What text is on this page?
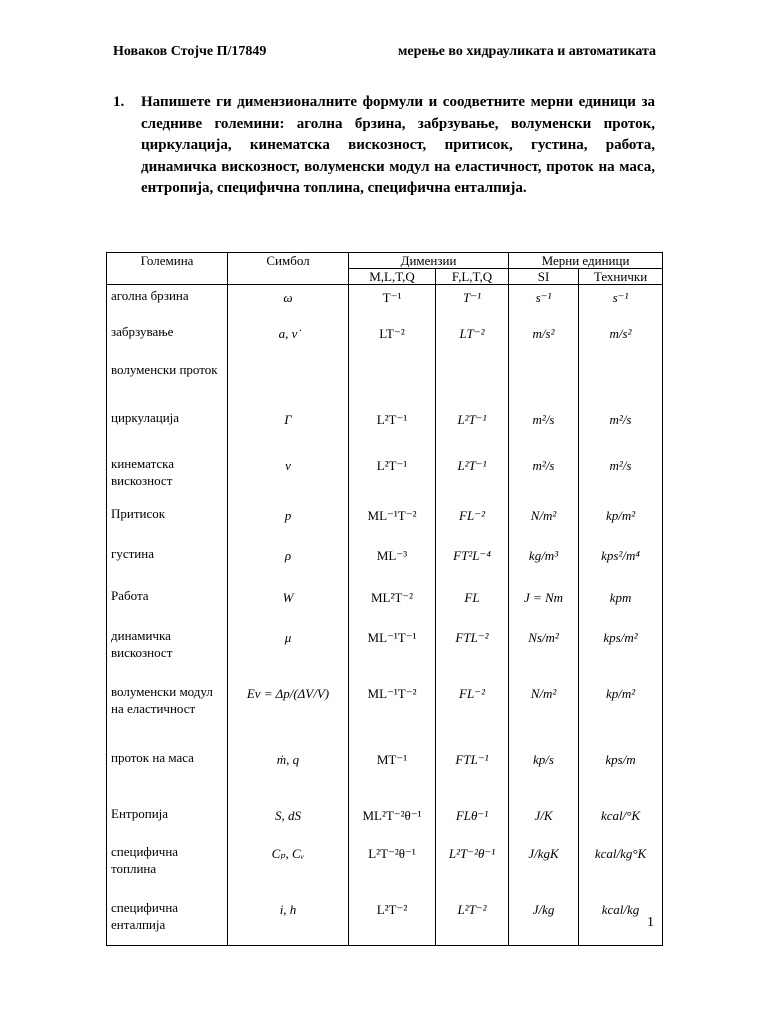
Новаков Стојче П/17849	мерење во хидрауликата и автоматиката
1. Напишете ги димензионалните формули и соодветните мерни единици за следниве големини: аголна брзина, забрзување, волуменски проток, циркулација, кинематска вискозност, притисок, густина, работа, динамичка вискозност, волуменски модул на еластичност, проток на маса, ентропија, специфична топлина, специфична енталпија.
Големина	Симбол	Димензии		Мерни единици	
		M,L,T,Q	F,L,T,Q	SI	Технички
аголна брзина	ω	T⁻¹	T⁻¹	s⁻¹	s⁻¹
забрзување	a, ν̇	LT⁻²	LT⁻²	m/s²	m/s²
волуменски проток					
циркулација	Γ	L²T⁻¹	L²T⁻¹	m²/s	m²/s
кинематска вискозност	ν	L²T⁻¹	L²T⁻¹	m²/s	m²/s
Притисок	p	ML⁻¹T⁻²	FL⁻²	N/m²	kp/m²
густина	ρ	ML⁻³	FT²L⁻⁴	kg/m³	kps²/m⁴
Работа	W	ML²T⁻²	FL	J = Nm	kpm
динамичка вискозност	μ	ML⁻¹T⁻¹	FTL⁻²	Ns/m²	kps/m²
волуменски модул на еластичност	Eν = Δp/(ΔV/V)	ML⁻¹T⁻²	FL⁻²	N/m²	kp/m²
проток на маса	ṁ, q	MT⁻¹	FTL⁻¹	kp/s	kps/m
Ентропија	S, dS	ML²T⁻²θ⁻¹	FLθ⁻¹	J/K	kcal/°K
специфична топлина	Cₚ, Cᵥ	L²T⁻²θ⁻¹	L²T⁻²θ⁻¹	J/kgK	kcal/kg°K
специфична енталпија	i, h	L²T⁻²	L²T⁻²	J/kg	kcal/kg
1
